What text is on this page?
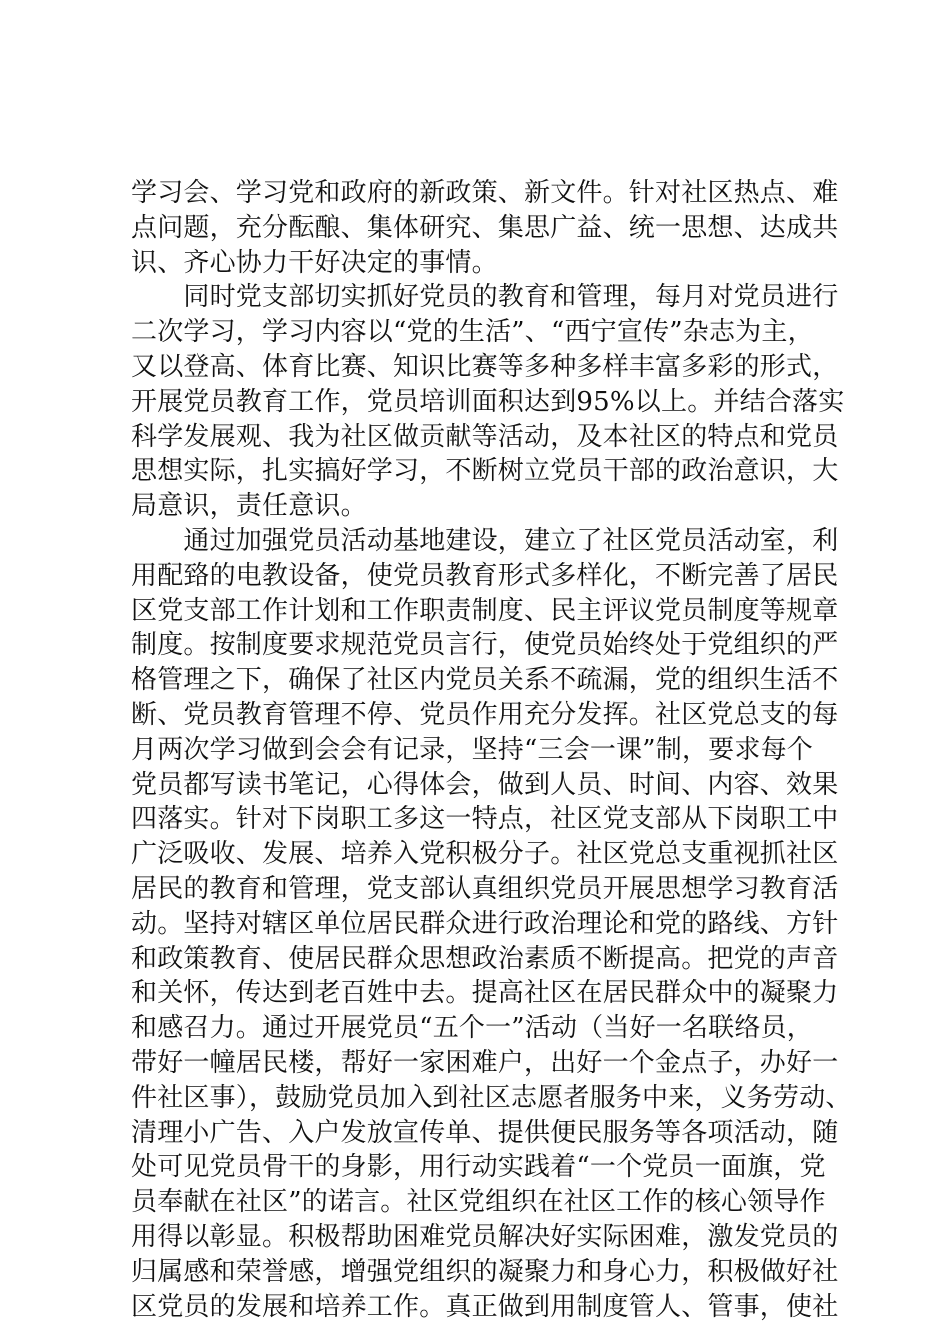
学习会、学习党和政府的新政策、新文件。针对社区热点、难
点问题，充分酝酿、集体研究、集思广益、统一思想、达成共
识、齐心协力干好决定的事情。
　　同时党支部切实抓好党员的教育和管理，每月对党员进行
二次学习，学习内容以“党的生活”、“西宁宣传”杂志为主，
又以登高、体育比赛、知识比赛等多种多样丰富多彩的形式，
开展党员教育工作，党员培训面积达到95%以上。并结合落实
科学发展观、我为社区做贡献等活动，及本社区的特点和党员
思想实际，扎实搞好学习，不断树立党员干部的政治意识，大
局意识，责任意识。
　　通过加强党员活动基地建设，建立了社区党员活动室，利
用配臵的电教设备，使党员教育形式多样化，不断完善了居民
区党支部工作计划和工作职责制度、民主评议党员制度等规章
制度。按制度要求规范党员言行，使党员始终处于党组织的严
格管理之下，确保了社区内党员关系不疏漏，党的组织生活不
断、党员教育管理不停、党员作用充分发挥。社区党总支的每
月两次学习做到会会有记录，坚持“三会一课”制，要求每个
党员都写读书笔记，心得体会，做到人员、时间、内容、效果
四落实。针对下岗职工多这一特点，社区党支部从下岗职工中
广泛吸收、发展、培养入党积极分子。社区党总支重视抓社区
居民的教育和管理，党支部认真组织党员开展思想学习教育活
动。坚持对辖区单位居民群众进行政治理论和党的路线、方针
和政策教育、使居民群众思想政治素质不断提高。把党的声音
和关怀，传达到老百姓中去。提高社区在居民群众中的凝聚力
和感召力。通过开展党员“五个一”活动（当好一名联络员，
带好一幢居民楼，帮好一家困难户，出好一个金点子，办好一
件社区事），鼓励党员加入到社区志愿者服务中来，义务劳动、
清理小广告、入户发放宣传单、提供便民服务等各项活动，随
处可见党员骨干的身影，用行动实践着“一个党员一面旗，党
员奉献在社区”的诺言。社区党组织在社区工作的核心领导作
用得以彰显。积极帮助困难党员解决好实际困难，激发党员的
归属感和荣誉感，增强党组织的凝聚力和身心力，积极做好社
区党员的发展和培养工作。真正做到用制度管人、管事，使社
